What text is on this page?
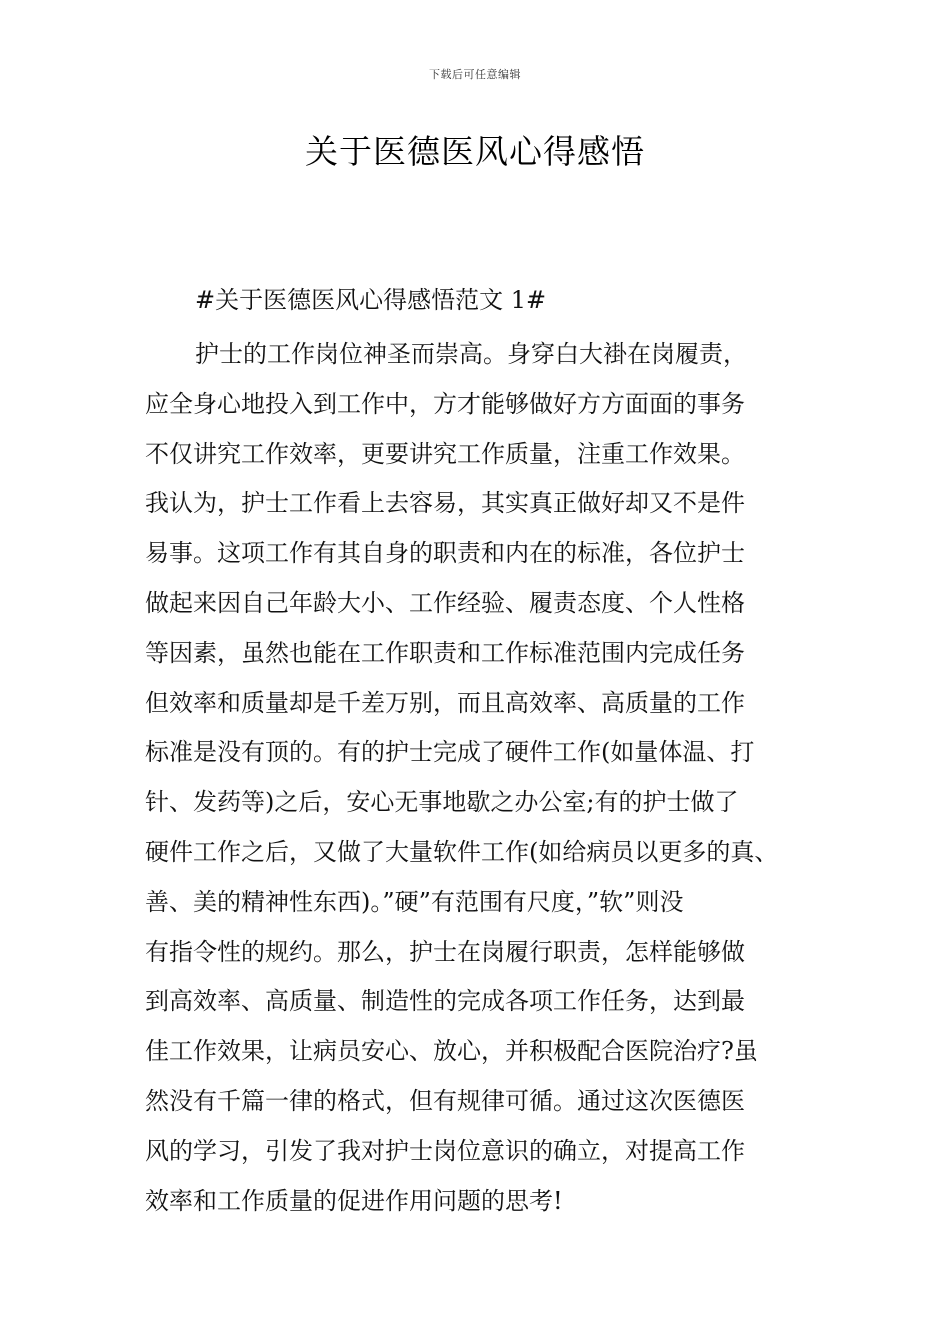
下载后可任意编辑
关于医德医风心得感悟
#关于医德医风心得感悟范文 1#
护士的工作岗位神圣而崇高。身穿白大褂在岗履责，
应全身心地投入到工作中，方才能够做好方方面面的事务
不仅讲究工作效率，更要讲究工作质量，注重工作效果。
我认为，护士工作看上去容易，其实真正做好却又不是件
易事。这项工作有其自身的职责和内在的标准，各位护士
做起来因自己年龄大小、工作经验、履责态度、个人性格
等因素，虽然也能在工作职责和工作标准范围内完成任务
但效率和质量却是千差万别，而且高效率、高质量的工作
标准是没有顶的。有的护士完成了硬件工作(如量体温、打
针、发药等)之后，安心无事地歇之办公室;有的护士做了
硬件工作之后，又做了大量软件工作(如给病员以更多的真、
善、美的精神性东西)。”硬”有范围有尺度，”软”则没
有指令性的规约。那么，护士在岗履行职责，怎样能够做
到高效率、高质量、制造性的完成各项工作任务，达到最
佳工作效果，让病员安心、放心，并积极配合医院治疗?虽
然没有千篇一律的格式，但有规律可循。通过这次医德医
风的学习，引发了我对护士岗位意识的确立，对提高工作
效率和工作质量的促进作用问题的思考!
